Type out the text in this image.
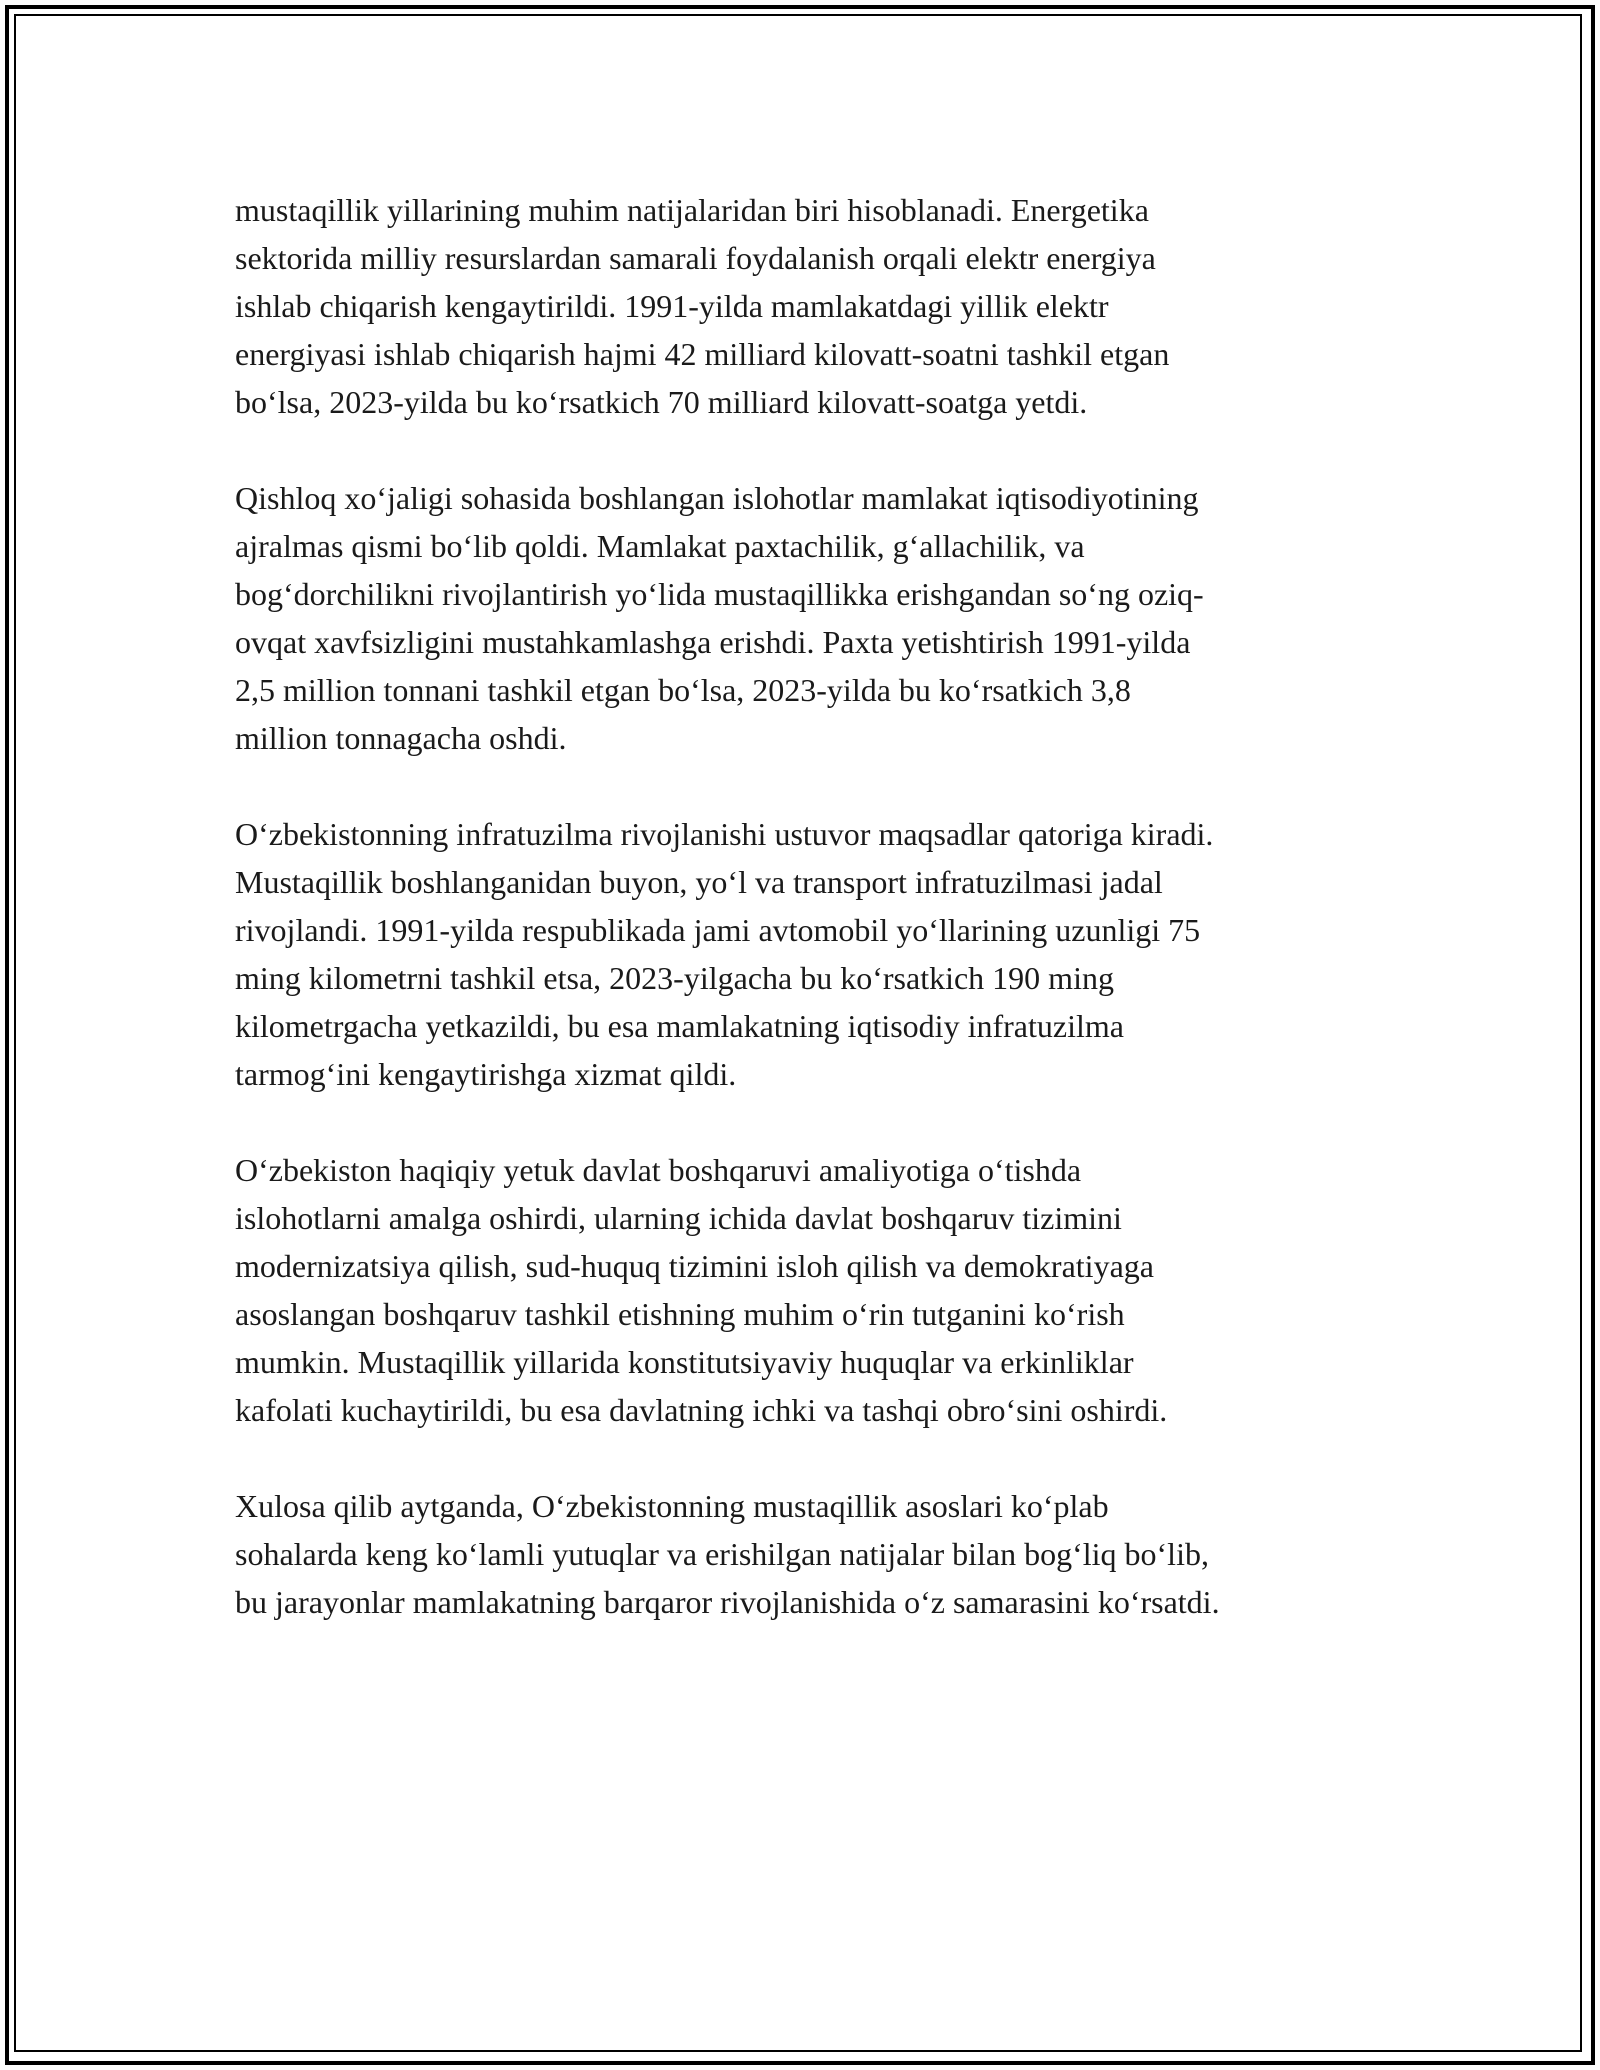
mustaqillik yillarining muhim natijalaridan biri hisoblanadi. Energetika
sektorida milliy resurslardan samarali foydalanish orqali elektr energiya
ishlab chiqarish kengaytirildi. 1991-yilda mamlakatdagi yillik elektr
energiyasi ishlab chiqarish hajmi 42 milliard kilovatt-soatni tashkil etgan
bo‘lsa, 2023-yilda bu ko‘rsatkich 70 milliard kilovatt-soatga yetdi.

Qishloq xo‘jaligi sohasida boshlangan islohotlar mamlakat iqtisodiyotining
ajralmas qismi bo‘lib qoldi. Mamlakat paxtachilik, g‘allachilik, va
bog‘dorchilikni rivojlantirish yo‘lida mustaqillikka erishgandan so‘ng oziq-
ovqat xavfsizligini mustahkamlashga erishdi. Paxta yetishtirish 1991-yilda
2,5 million tonnani tashkil etgan bo‘lsa, 2023-yilda bu ko‘rsatkich 3,8
million tonnagacha oshdi.

O‘zbekistonning infratuzilma rivojlanishi ustuvor maqsadlar qatoriga kiradi.
Mustaqillik boshlanganidan buyon, yo‘l va transport infratuzilmasi jadal
rivojlandi. 1991-yilda respublikada jami avtomobil yo‘llarining uzunligi 75
ming kilometrni tashkil etsa, 2023-yilgacha bu ko‘rsatkich 190 ming
kilometrgacha yetkazildi, bu esa mamlakatning iqtisodiy infratuzilma
tarmog‘ini kengaytirishga xizmat qildi.

O‘zbekiston haqiqiy yetuk davlat boshqaruvi amaliyotiga o‘tishda
islohotlarni amalga oshirdi, ularning ichida davlat boshqaruv tizimini
modernizatsiya qilish, sud-huquq tizimini isloh qilish va demokratiyaga
asoslangan boshqaruv tashkil etishning muhim o‘rin tutganini ko‘rish
mumkin. Mustaqillik yillarida konstitutsiyaviy huquqlar va erkinliklar
kafolati kuchaytirildi, bu esa davlatning ichki va tashqi obro‘sini oshirdi.

Xulosa qilib aytganda, O‘zbekistonning mustaqillik asoslari ko‘plab
sohalarda keng ko‘lamli yutuqlar va erishilgan natijalar bilan bog‘liq bo‘lib,
bu jarayonlar mamlakatning barqaror rivojlanishida o‘z samarasini ko‘rsatdi.
